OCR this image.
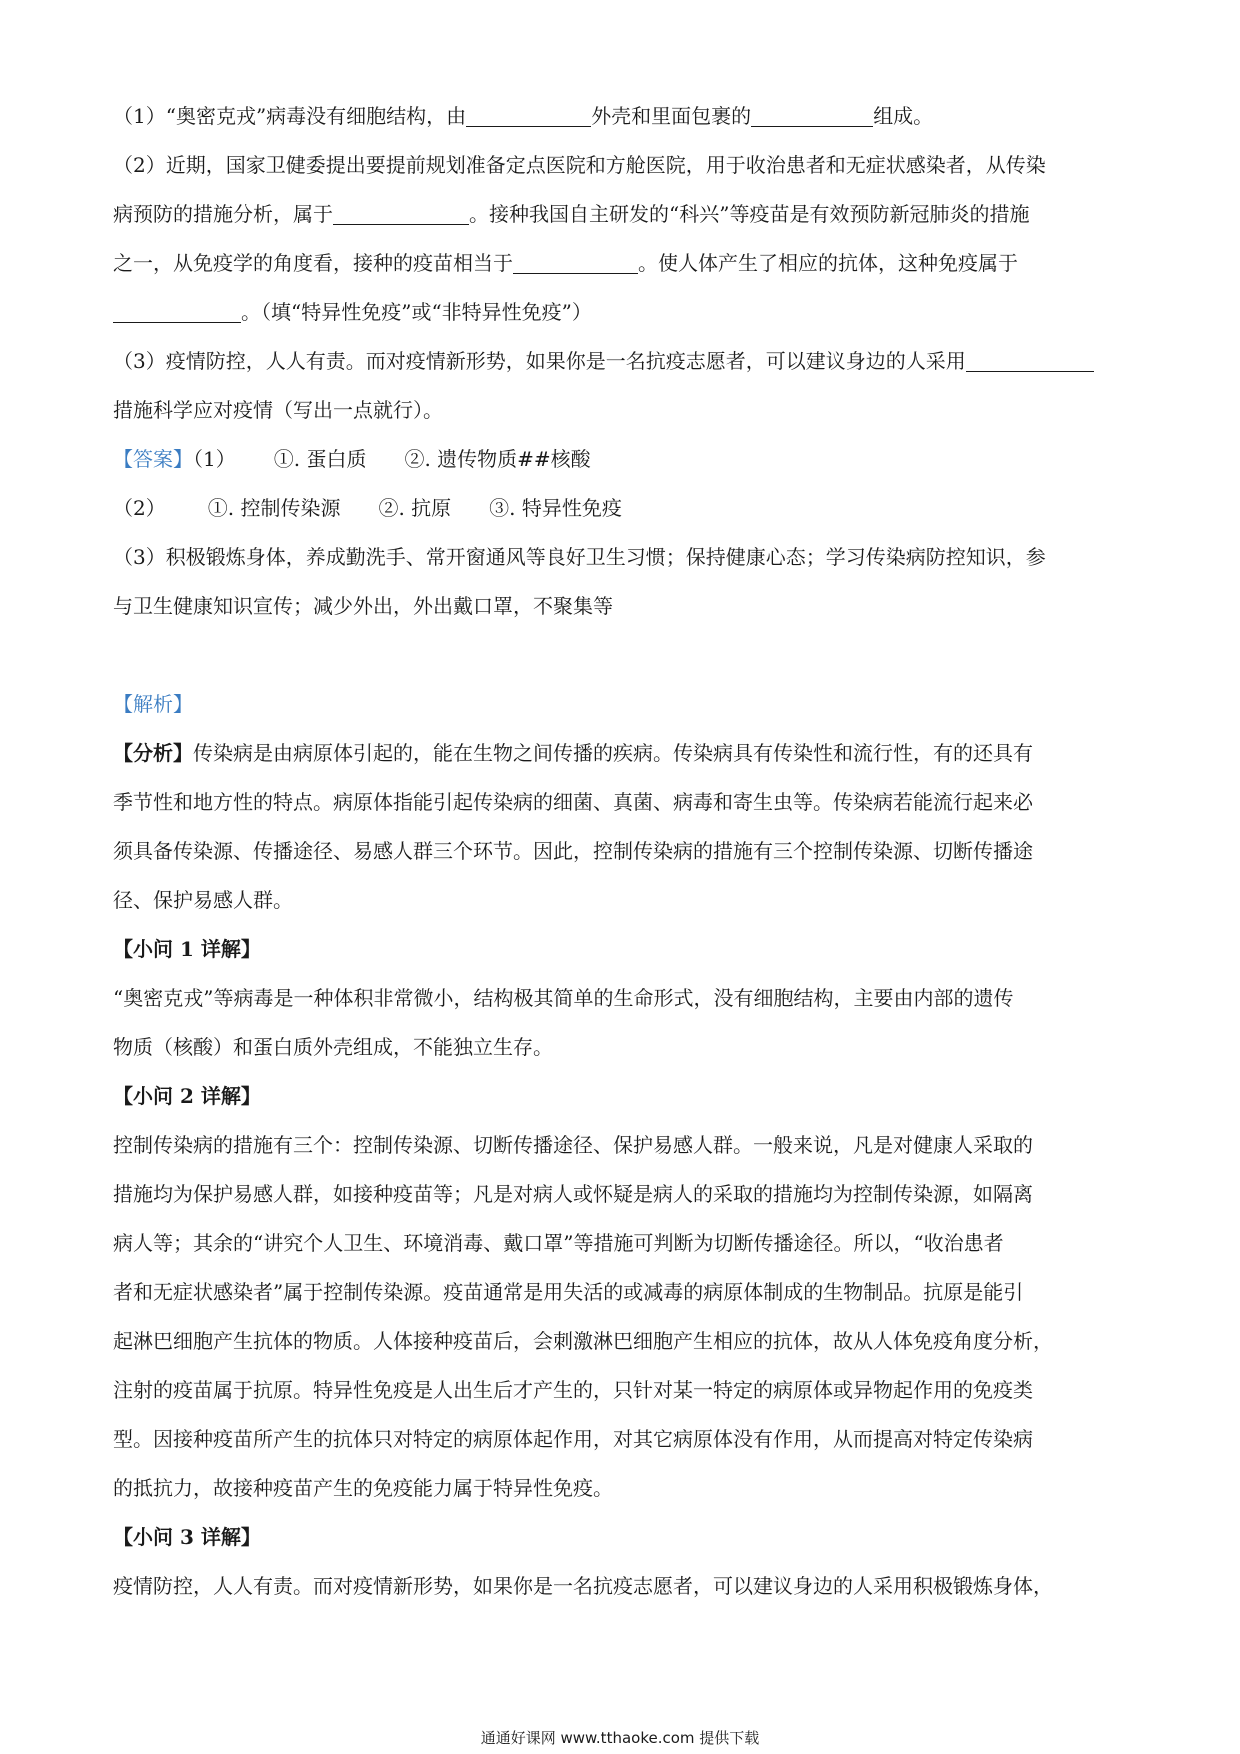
（1）“奥密克戎”病毒没有细胞结构，由	外壳和里面包裹的	组成。
（2）近期，国家卫健委提出要提前规划准备定点医院和方舱医院，用于收治患者和无症状感染者，从传染
病预防的措施分析，属于	。接种我国自主研发的“科兴”等疫苗是有效预防新冠肺炎的措施
之一，从免疫学的角度看，接种的疫苗相当于	。使人体产生了相应的抗体，这种免疫属于
。（填“特异性免疫”或“非特异性免疫”）
（3）疫情防控，人人有责。而对疫情新形势，如果你是一名抗疫志愿者，可以建议身边的人采用
措施科学应对疫情（写出一点就行）。
【答案】（1） ①. 蛋白质 ②. 遗传物质##核酸
（2） ①. 控制传染源 ②. 抗原 ③. 特异性免疫
（3）积极锻炼身体，养成勤洗手、常开窗通风等良好卫生习惯；保持健康心态；学习传染病防控知识，参
与卫生健康知识宣传；减少外出，外出戴口罩，不聚集等
【解析】
【分析】传染病是由病原体引起的，能在生物之间传播的疾病。传染病具有传染性和流行性，有的还具有
季节性和地方性的特点。病原体指能引起传染病的细菌、真菌、病毒和寄生虫等。传染病若能流行起来必
须具备传染源、传播途径、易感人群三个环节。因此，控制传染病的措施有三个控制传染源、切断传播途
径、保护易感人群。
【小问 1 详解】
“奥密克戎”等病毒是一种体积非常微小，结构极其简单的生命形式，没有细胞结构，主要由内部的遗传
物质（核酸）和蛋白质外壳组成，不能独立生存。
【小问 2 详解】
控制传染病的措施有三个：控制传染源、切断传播途径、保护易感人群。一般来说，凡是对健康人采取的
措施均为保护易感人群，如接种疫苗等；凡是对病人或怀疑是病人的采取的措施均为控制传染源，如隔离
病人等；其余的“讲究个人卫生、环境消毒、戴口罩”等措施可判断为切断传播途径。所以，“收治患者
者和无症状感染者”属于控制传染源。疫苗通常是用失活的或减毒的病原体制成的生物制品。抗原是能引
起淋巴细胞产生抗体的物质。人体接种疫苗后，会刺激淋巴细胞产生相应的抗体，故从人体免疫角度分析，
注射的疫苗属于抗原。特异性免疫是人出生后才产生的，只针对某一特定的病原体或异物起作用的免疫类
型。因接种疫苗所产生的抗体只对特定的病原体起作用，对其它病原体没有作用，从而提高对特定传染病
的抵抗力，故接种疫苗产生的免疫能力属于特异性免疫。
【小问 3 详解】
疫情防控，人人有责。而对疫情新形势，如果你是一名抗疫志愿者，可以建议身边的人采用积极锻炼身体，
通通好课网 www.tthaoke.com 提供下载
